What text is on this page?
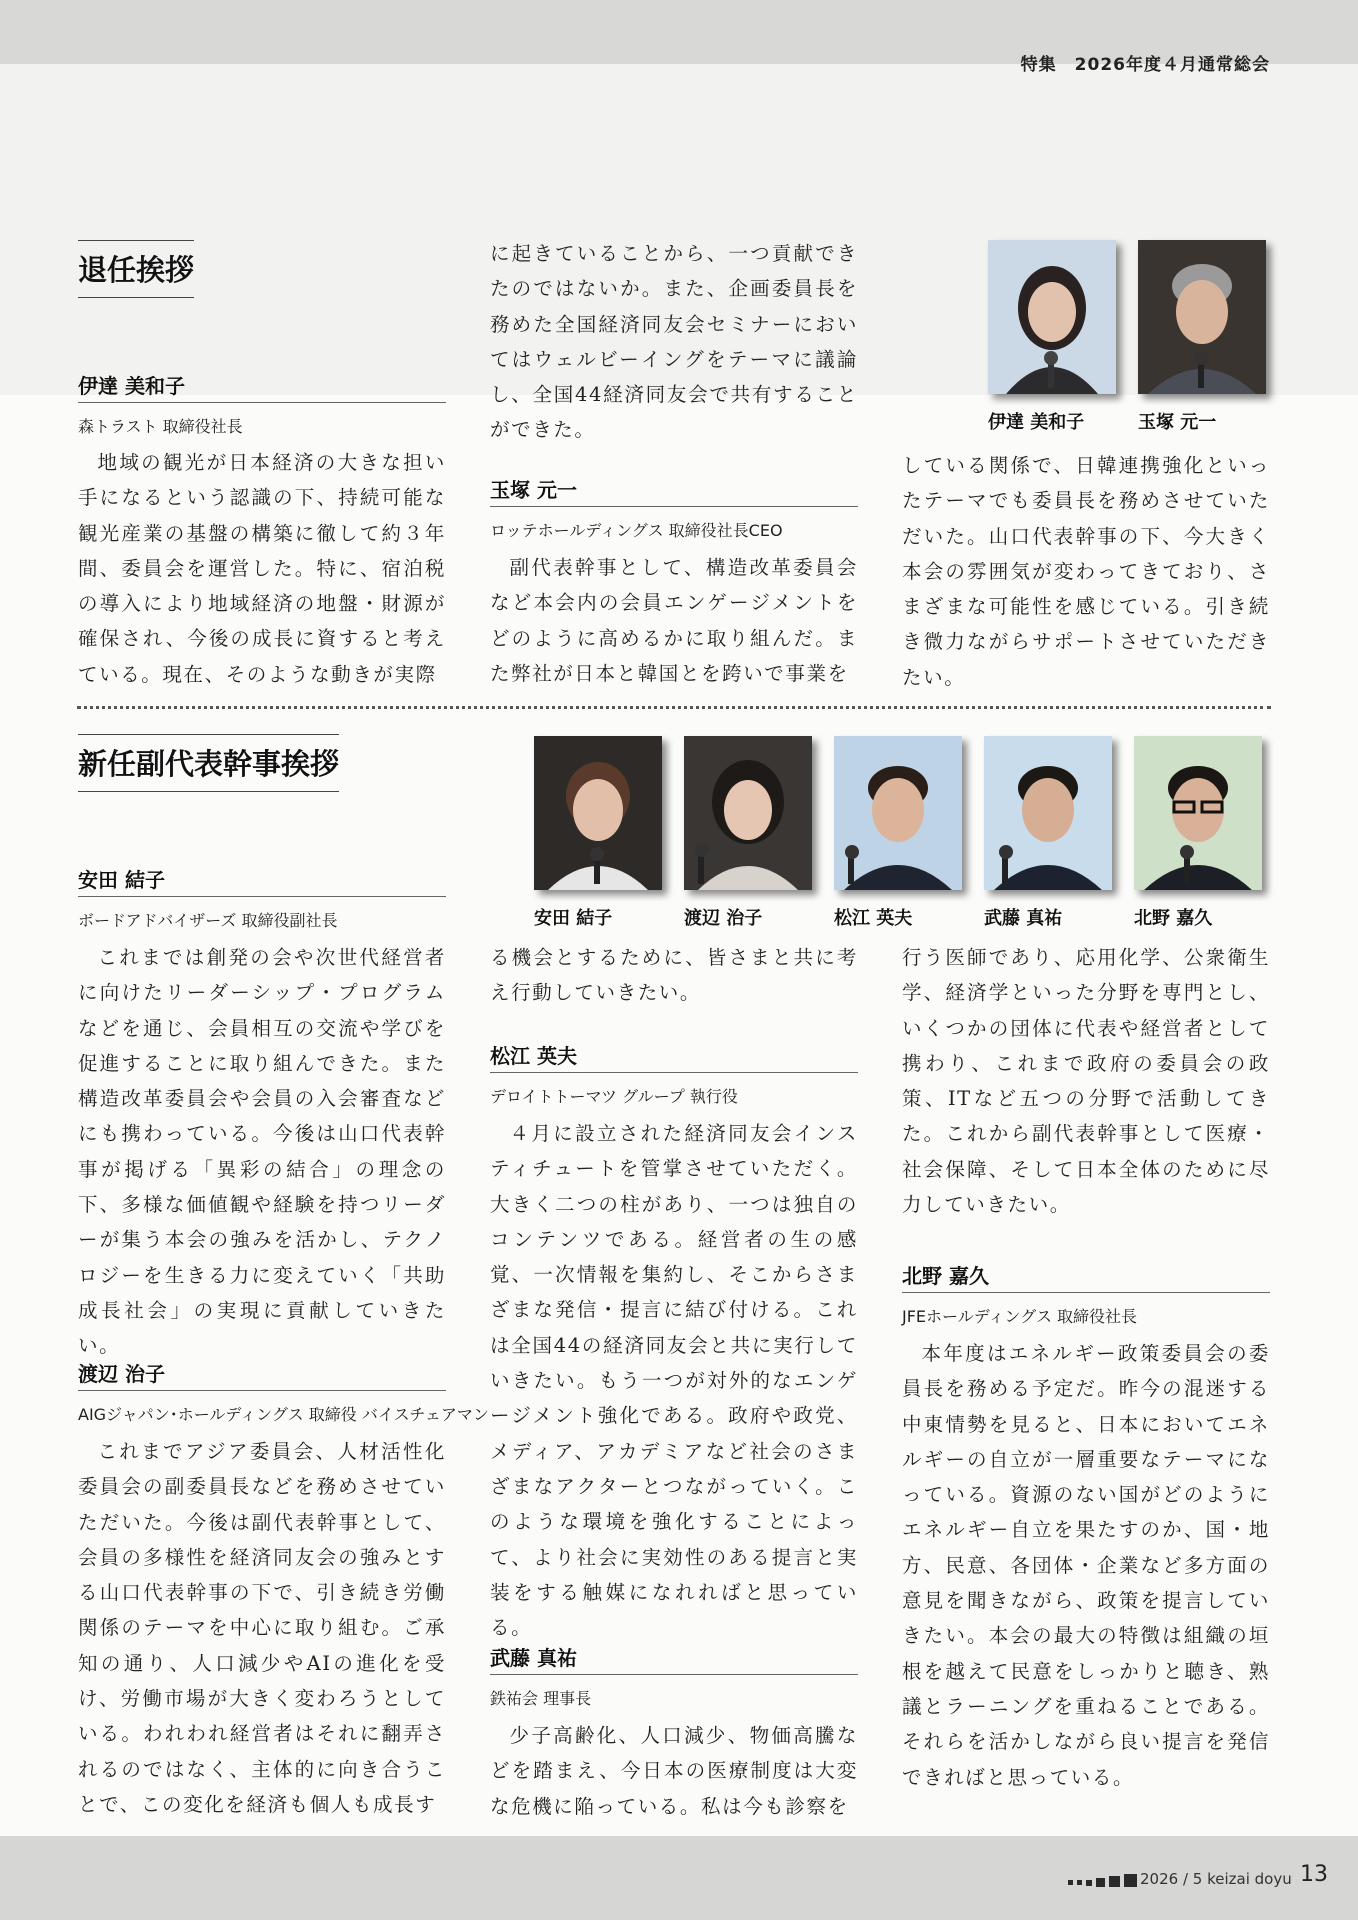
特集　2026年度４月通常総会
退任挨拶
伊達 美和子
森トラスト 取締役社長
地域の観光が日本経済の大きな担い手になるという認識の下、持続可能な観光産業の基盤の構築に徹して約３年間、委員会を運営した。特に、宿泊税の導入により地域経済の地盤・財源が確保され、今後の成長に資すると考えている。現在、そのような動きが実際
に起きていることから、一つ貢献できたのではないか。また、企画委員長を務めた全国経済同友会セミナーにおいてはウェルビーイングをテーマに議論し、全国44経済同友会で共有することができた。
玉塚 元一
ロッテホールディングス 取締役社長CEO
副代表幹事として、構造改革委員会など本会内の会員エンゲージメントをどのように高めるかに取り組んだ。また弊社が日本と韓国とを跨いで事業を
している関係で、日韓連携強化といったテーマでも委員長を務めさせていただいた。山口代表幹事の下、今大きく本会の雰囲気が変わってきており、さまざまな可能性を感じている。引き続き微力ながらサポートさせていただきたい。
伊達 美和子	玉塚 元一
新任副代表幹事挨拶
安田 結子	渡辺 治子	松江 英夫	武藤 真祐	北野 嘉久
安田 結子
ボードアドバイザーズ 取締役副社長
これまでは創発の会や次世代経営者に向けたリーダーシップ・プログラムなどを通じ、会員相互の交流や学びを促進することに取り組んできた。また構造改革委員会や会員の入会審査などにも携わっている。今後は山口代表幹事が掲げる「異彩の結合」の理念の下、多様な価値観や経験を持つリーダーが集う本会の強みを活かし、テクノロジーを生きる力に変えていく「共助成長社会」の実現に貢献していきたい。
渡辺 治子
AIGジャパン･ホールディングス 取締役 バイスチェアマン
これまでアジア委員会、人材活性化委員会の副委員長などを務めさせていただいた。今後は副代表幹事として、会員の多様性を経済同友会の強みとする山口代表幹事の下で、引き続き労働関係のテーマを中心に取り組む。ご承知の通り、人口減少やAIの進化を受け、労働市場が大きく変わろうとしている。われわれ経営者はそれに翻弄されるのではなく、主体的に向き合うことで、この変化を経済も個人も成長す
る機会とするために、皆さまと共に考え行動していきたい。
松江 英夫
デロイトトーマツ グループ 執行役
４月に設立された経済同友会インスティチュートを管掌させていただく。大きく二つの柱があり、一つは独自のコンテンツである。経営者の生の感覚、一次情報を集約し、そこからさまざまな発信・提言に結び付ける。これは全国44の経済同友会と共に実行していきたい。もう一つが対外的なエンゲージメント強化である。政府や政党、メディア、アカデミアなど社会のさまざまなアクターとつながっていく。このような環境を強化することによって、より社会に実効性のある提言と実装をする触媒になれればと思っている。
武藤 真祐
鉄祐会 理事長
少子高齢化、人口減少、物価高騰などを踏まえ、今日本の医療制度は大変な危機に陥っている。私は今も診察を
行う医師であり、応用化学、公衆衛生学、経済学といった分野を専門とし、いくつかの団体に代表や経営者として携わり、これまで政府の委員会の政策、ITなど五つの分野で活動してきた。これから副代表幹事として医療・社会保障、そして日本全体のために尽力していきたい。
北野 嘉久
JFEホールディングス 取締役社長
本年度はエネルギー政策委員会の委員長を務める予定だ。昨今の混迷する中東情勢を見ると、日本においてエネルギーの自立が一層重要なテーマになっている。資源のない国がどのようにエネルギー自立を果たすのか、国・地方、民意、各団体・企業など多方面の意見を聞きながら、政策を提言していきたい。本会の最大の特徴は組織の垣根を越えて民意をしっかりと聴き、熟議とラーニングを重ねることである。それらを活かしながら良い提言を発信できればと思っている。
2026 / 5 keizai doyu 13
